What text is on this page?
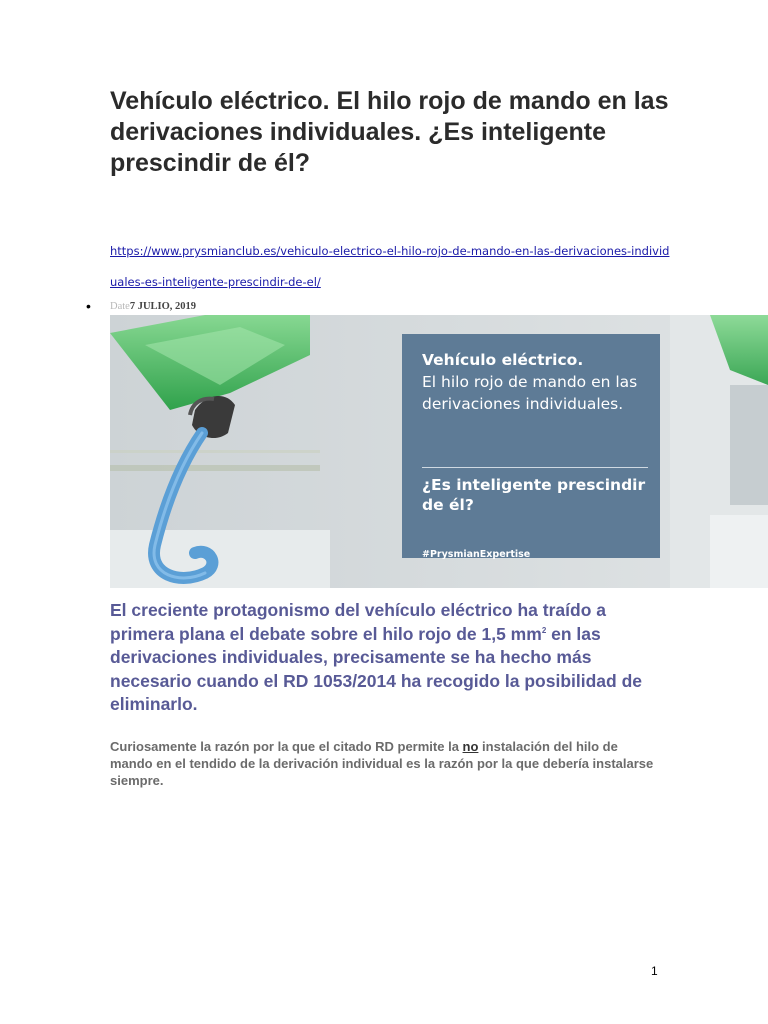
Vehículo eléctrico. El hilo rojo de mando en las derivaciones individuales. ¿Es inteligente prescindir de él?
https://www.prysmianclub.es/vehiculo-electrico-el-hilo-rojo-de-mando-en-las-derivaciones-individuales-es-inteligente-prescindir-de-el/
• Date7 JULIO, 2019
Vehículo eléctrico.
El hilo rojo de mando en las derivaciones individuales.
¿Es inteligente prescindir de él?
#PrysmianExpertise

El creciente protagonismo del vehículo eléctrico ha traído a primera plana el debate sobre el hilo rojo de 1,5 $mm^2$ en las derivaciones individuales, precisamente se ha hecho más necesario cuando el RD 1053/2014 ha recogido la posibilidad de eliminarlo.

Curiosamente la razón por la que el citado RD permite la no instalación del hilo de mando en el tendido de la derivación individual es la razón por la que debería instalarse siempre.

1
